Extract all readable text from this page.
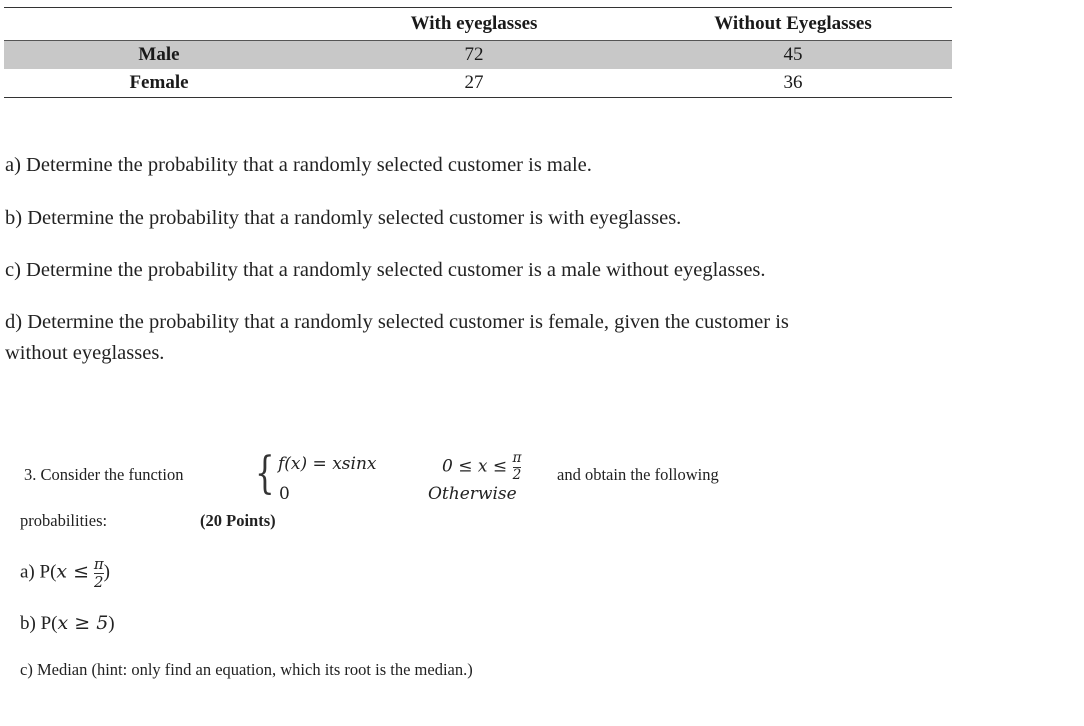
	With eyeglasses	Without Eyeglasses
Male	72	45
Female	27	36
a) Determine the probability that a randomly selected customer is male.
b) Determine the probability that a randomly selected customer is with eyeglasses.
c) Determine the probability that a randomly selected customer is a male without eyeglasses.
d) Determine the probability that a randomly selected customer is female, given the customer is
without eyeglasses.
3. Consider the function { f(x) = xsinx	$0 \le x \le \frac{\pi}{2}$
0	Otherwise
and obtain the following
probabilities:	(20 Points)
a) $P(x \le \frac{\pi}{2}$ )
b) P(x ≥ 5)
c) Median (hint: only find an equation, which its root is the median.)
